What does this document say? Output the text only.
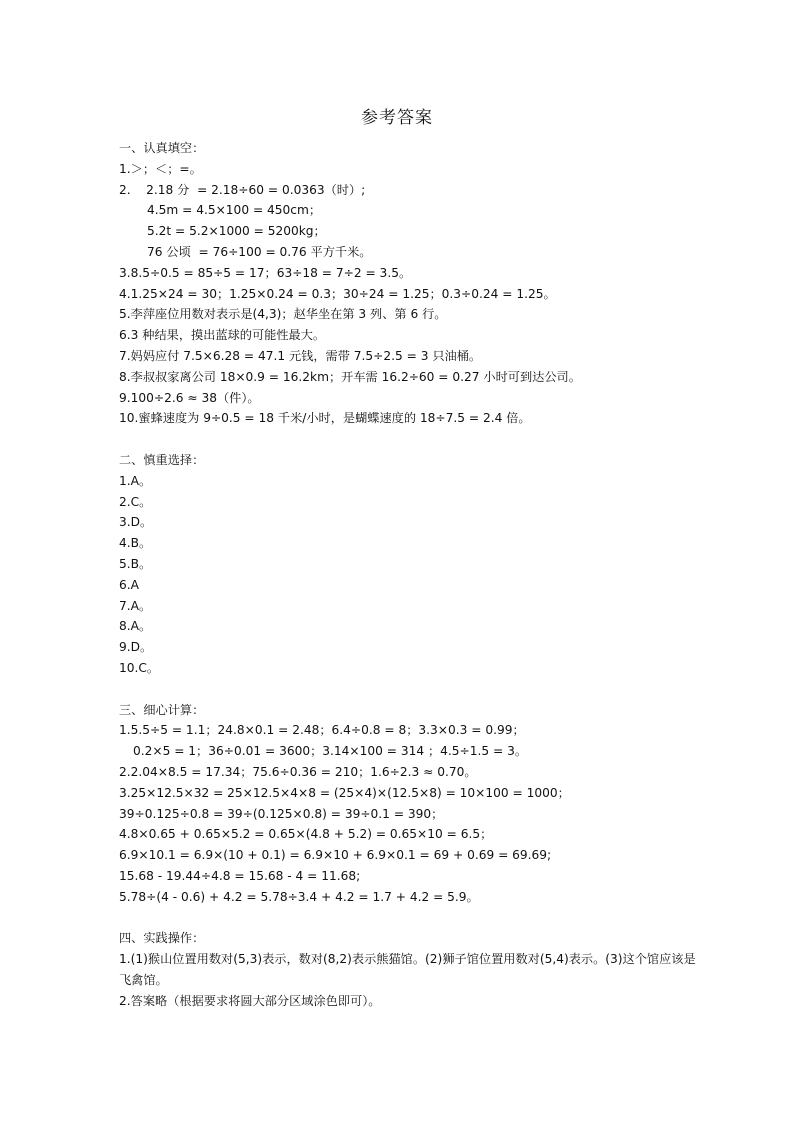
参考答案
一、认真填空：
1.＞；＜；=。
2.    2.18 分  = 2.18÷60 = 0.0363（时）;
4.5m = 4.5×100 = 450cm；
5.2t = 5.2×1000 = 5200kg；
76 公顷  = 76÷100 = 0.76 平方千米。
3.8.5÷0.5 = 85÷5 = 17；63÷18 = 7÷2 = 3.5。
4.1.25×24 = 30；1.25×0.24 = 0.3；30÷24 = 1.25；0.3÷0.24 = 1.25。
5.李萍座位用数对表示是(4,3)；赵华坐在第 3 列、第 6 行。
6.3 种结果，摸出蓝球的可能性最大。
7.妈妈应付 7.5×6.28 = 47.1 元钱，需带 7.5÷2.5 = 3 只油桶。
8.李叔叔家离公司 18×0.9 = 16.2km；开车需 16.2÷60 = 0.27 小时可到达公司。
9.100÷2.6 ≈ 38（件）。
10.蜜蜂速度为 9÷0.5 = 18 千米/小时，是蝴蝶速度的 18÷7.5 = 2.4 倍。
二、慎重选择：
1.A。
2.C。
3.D。
4.B。
5.B。
6.A
7.A。
8.A。
9.D。
10.C。
三、细心计算：
1.5.5÷5 = 1.1；24.8×0.1 = 2.48；6.4÷0.8 = 8；3.3×0.3 = 0.99；
0.2×5 = 1；36÷0.01 = 3600；3.14×100 = 314 ；4.5÷1.5 = 3。
2.2.04×8.5 = 17.34；75.6÷0.36 = 210；1.6÷2.3 ≈ 0.70。
3.25×12.5×32 = 25×12.5×4×8 = (25×4)×(12.5×8) = 10×100 = 1000；
39÷0.125÷0.8 = 39÷(0.125×0.8) = 39÷0.1 = 390；
4.8×0.65 + 0.65×5.2 = 0.65×(4.8 + 5.2) = 0.65×10 = 6.5；
6.9×10.1 = 6.9×(10 + 0.1) = 6.9×10 + 6.9×0.1 = 69 + 0.69 = 69.69;
15.68 - 19.44÷4.8 = 15.68 - 4 = 11.68;
5.78÷(4 - 0.6) + 4.2 = 5.78÷3.4 + 4.2 = 1.7 + 4.2 = 5.9。
四、实践操作：
1.(1)猴山位置用数对(5,3)表示，数对(8,2)表示熊猫馆。(2)狮子馆位置用数对(5,4)表示。(3)这个馆应该是飞禽馆。
2.答案略（根据要求将圆大部分区域涂色即可）。
